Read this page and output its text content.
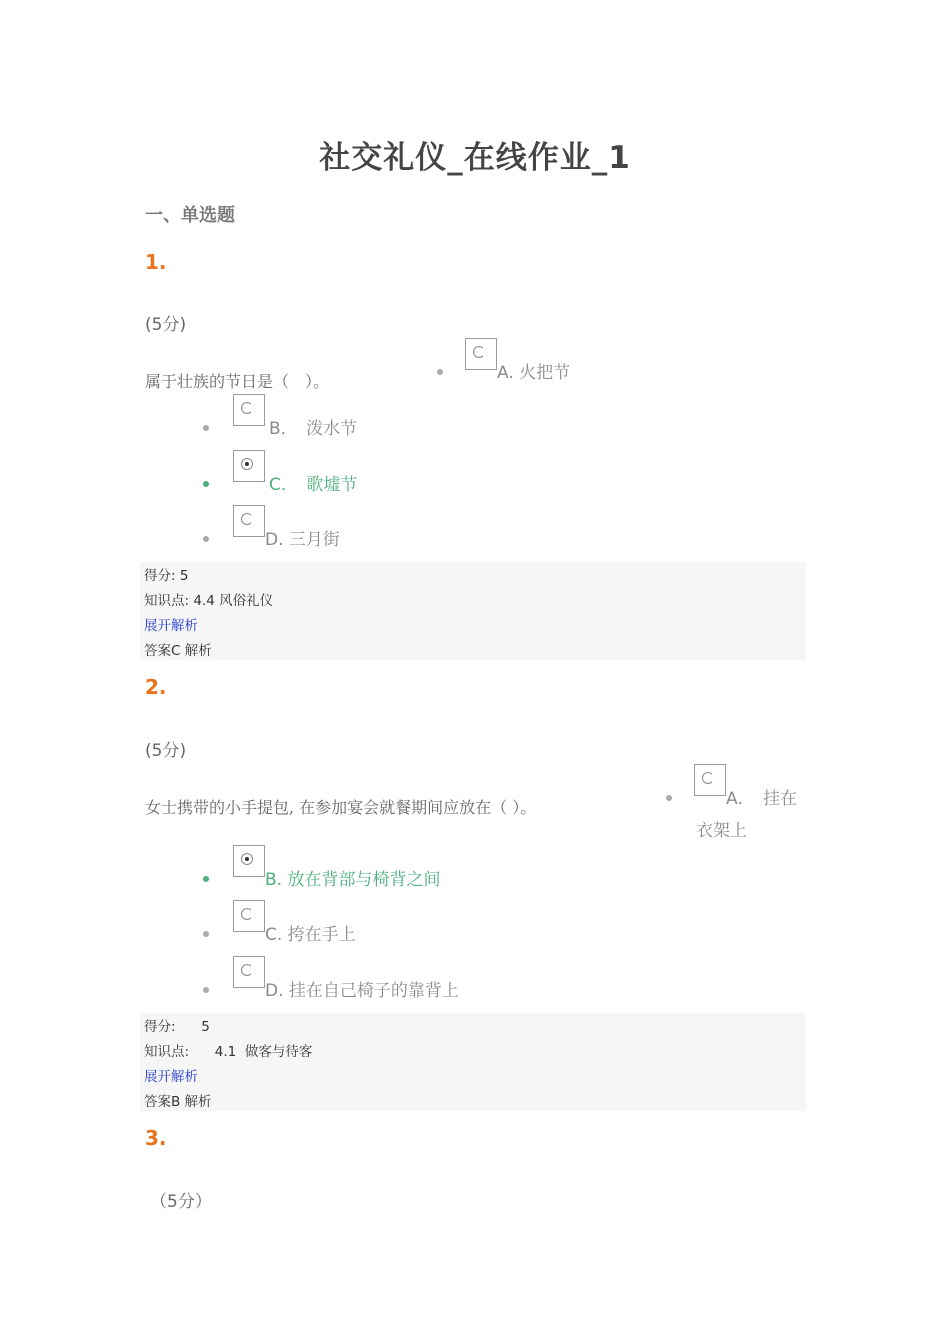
社交礼仪_在线作业_1
一、单选题
1.
(5分)
属于壮族的节日是（　）。	A. 火把节
B．　泼水节
C．　歌墟节
D. 三月街
得分: 5
知识点: 4.4 风俗礼仪
展开解析
答案C 解析
2.
(5分)
女士携带的小手提包, 在参加宴会就餐期间应放在（ ）。	A．　挂在
衣架上
B. 放在背部与椅背之间
C. 挎在手上
D. 挂在自己椅子的靠背上
得分:      5
知识点:      4.1  做客与待客
展开解析
答案B 解析
3.
（5分）
